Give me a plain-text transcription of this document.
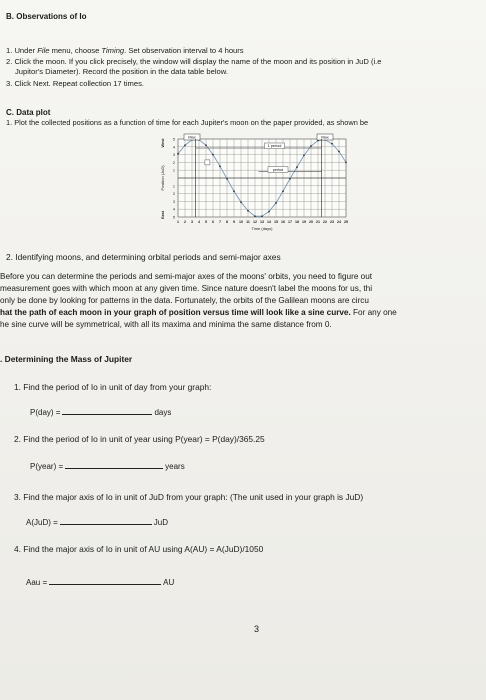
B. Observations of Io
1. Under File menu, choose Timing. Set observation interval to 4 hours
2. Click the moon. If you click precisely, the window will display the name of the moon and its position in JuD (i.e
Jupitor's Diameter). Record the position in the data table below.
3. Click Next. Repeat collection 17 times.
C. Data plot
1. Plot the collected positions as a function of time for each Jupiter's moon on the paper provided, as shown be
5
4
3
2
1
1
2
3
4
5
1 2 3 4 5 6 7 8 9 10 11 12 13 14 15 16 17 18 19 20 21 22 23 24 25
Time (days)
Position (JuD)
West
East
Max	Max
1 period
period
2. Identifying moons, and determining orbital periods and semi-major axes
Before you can determine the periods and semi-major axes of the moons' orbits, you need to figure out
measurement goes with which moon at any given time. Since nature doesn't label the moons for us, thi
only be done by looking for patterns in the data. Fortunately, the orbits of the Galilean moons are circu
hat the path of each moon in your graph of position versus time will look like a sine curve. For any one
he sine curve will be symmetrical, with all its maxima and minima the same distance from 0.
. Determining the Mass of Jupiter
1. Find the period of Io in unit of day from your graph:
P(day) =	days
2. Find the period of Io in unit of year using P(year) = P(day)/365.25
P(year) =	years
3. Find the major axis of Io in unit of JuD from your graph: (The unit used in your graph is JuD)
A(JuD) =	JuD
4. Find the major axis of Io in unit of AU using A(AU) = A(JuD)/1050
Aau =	AU
3
